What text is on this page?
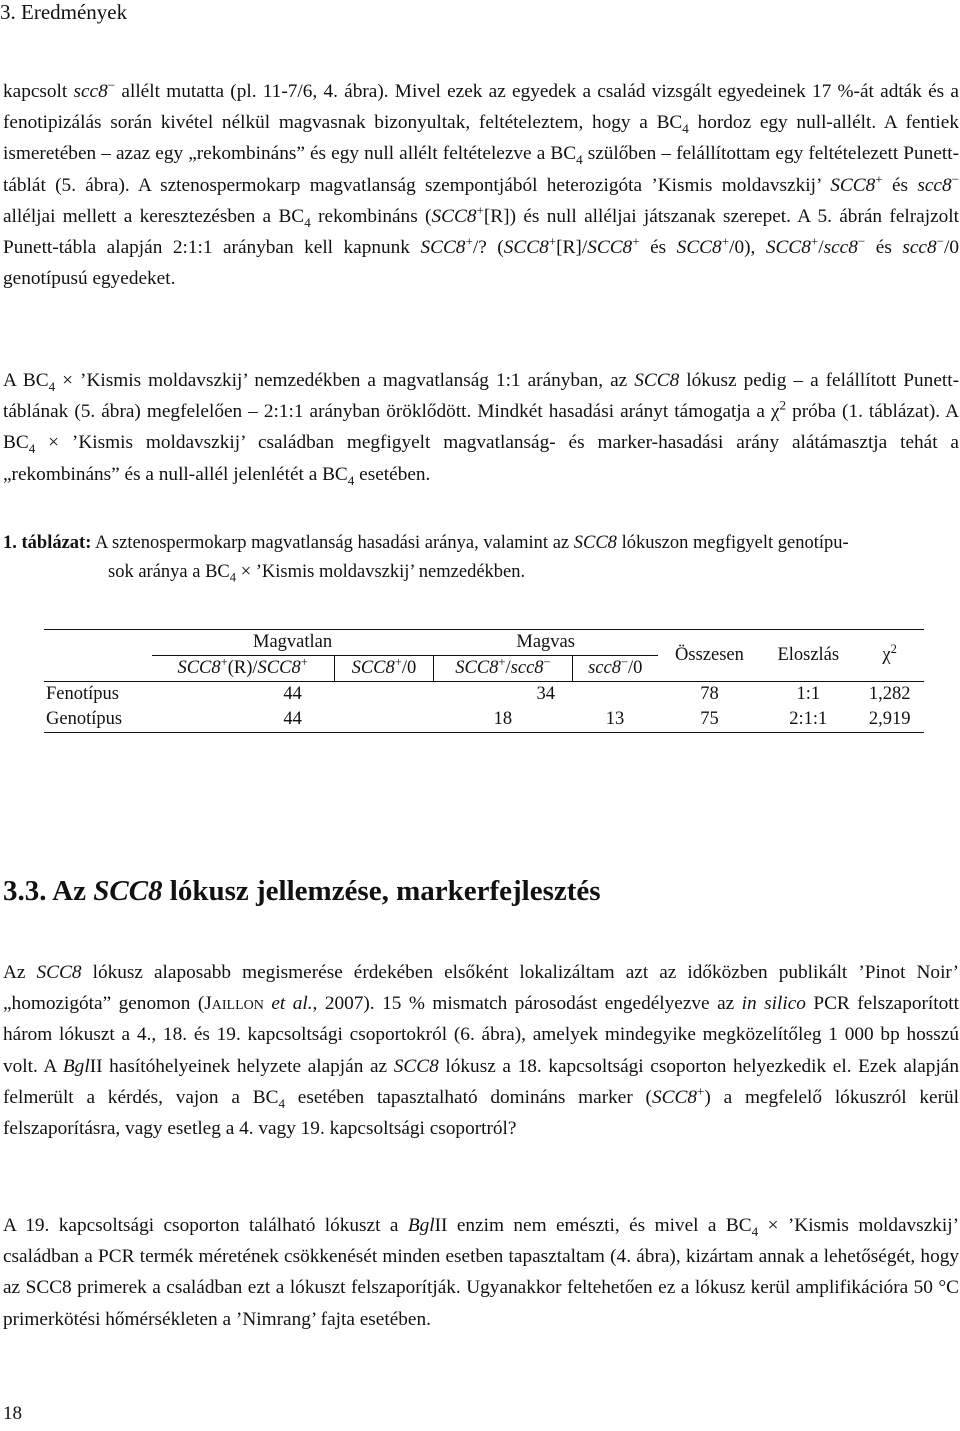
3. Eredmények
kapcsolt scc8− allélt mutatta (pl. 11-7/6, 4. ábra). Mivel ezek az egyedek a család vizsgált egyedeinek 17 %-át adták és a fenotipizálás során kivétel nélkül magvasnak bizonyultak, feltételeztem, hogy a $BC_4$ hordoz egy null-allélt. A fentiek ismeretében – azaz egy „rekombináns” és egy null allélt feltételezve a $BC_4$ szülőben – felállítottam egy feltételezett Punett-táblát (5. ábra). A sztenospermokarp magvatlanság szempontjából heterozigóta ’Kismis moldavszkij’ SCC8+ és scc8− alléljai mellett a keresztezésben a $BC_4$ rekombináns (SCC8+[R]) és null alléljai játszanak szerepet. A 5. ábrán felrajzolt Punett-tábla alapján 2:1:1 arányban kell kapnunk SCC8+/? (SCC8+[R]/SCC8+ és SCC8+/0), SCC8+/scc8− és scc8−/0 genotípusú egyedeket.
A $BC_4$ × ’Kismis moldavszkij’ nemzedékben a magvatlanság 1:1 arányban, az SCC8 lókusz pedig – a felállított Punett-táblának (5. ábra) megfelelően – 2:1:1 arányban öröklődött. Mindkét hasadási arányt támogatja a $\chi^2$ próba (1. táblázat). A $BC_4$ × ’Kismis moldavszkij’ családban megfigyelt magvatlanság- és marker-hasadási arány alátámasztja tehát a „rekombináns” és a null-allél jelenlétét a $BC_4$ esetében.
1. táblázat: A sztenospermokarp magvatlanság hasadási aránya, valamint az SCC8 lókuszon megfigyelt genotípu-
sok aránya a $BC_4$ × ’Kismis moldavszkij’ nemzedékben.
	Magvatlan		Magvas		Összesen	Eloszlás	$\chi^2$
	SCC8+(R)/SCC8+	SCC8+/0	SCC8+/scc8−	scc8−/0			
Fenotípus	44		34		78	1:1	1,282
Genotípus	44		18	13	75	2:1:1	2,919
3.3. Az SCC8 lókusz jellemzése, markerfejlesztés
Az SCC8 lókusz alaposabb megismerése érdekében elsőként lokalizáltam azt az időközben publikált ’Pinot Noir’ „homozigóta” genomon (Jaillon et al., 2007). 15 % mismatch párosodást engedélyezve az in silico PCR felszaporított három lókuszt a 4., 18. és 19. kapcsoltsági csoportokról (6. ábra), amelyek mindegyike megközelítőleg 1 000 bp hosszú volt. A BglII hasítóhelyeinek helyzete alapján az SCC8 lókusz a 18. kapcsoltsági csoporton helyezkedik el. Ezek alapján felmerült a kérdés, vajon a $BC_4$ esetében tapasztalható domináns marker (SCC8+) a megfelelő lókuszról kerül felszaporításra, vagy esetleg a 4. vagy 19. kapcsoltsági csoportról?
A 19. kapcsoltsági csoporton található lókuszt a BglII enzim nem emészti, és mivel a $BC_4$ × ’Kismis moldavszkij’ családban a PCR termék méretének csökkenését minden esetben tapasztaltam (4. ábra), kizártam annak a lehetőségét, hogy az SCC8 primerek a családban ezt a lókuszt felszaporítják. Ugyanakkor feltehetően ez a lókusz kerül amplifikációra 50 °C primerkötési hőmérsékleten a ’Nimrang’ fajta esetében.
18
